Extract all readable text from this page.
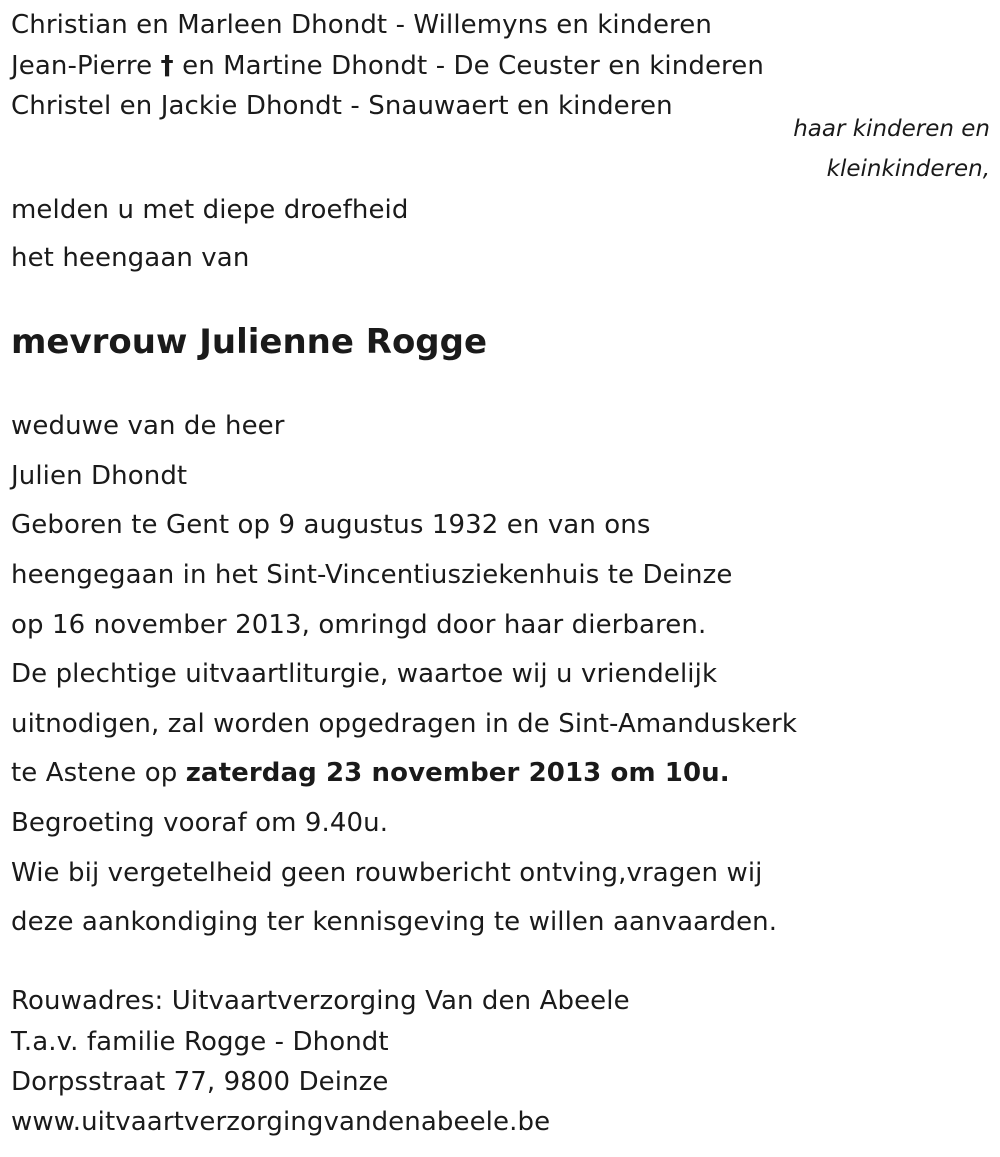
Christian en Marleen Dhondt - Willemyns en kinderen
Jean-Pierre † en Martine Dhondt - De Ceuster en kinderen
Christel en Jackie Dhondt - Snauwaert en kinderen
haar kinderen en
kleinkinderen,
melden u met diepe droefheid
het heengaan van
mevrouw Julienne Rogge
weduwe van de heer
Julien Dhondt
Geboren te Gent op 9 augustus 1932 en van ons
heengegaan in het Sint-Vincentiusziekenhuis te Deinze
op 16 november 2013, omringd door haar dierbaren.
De plechtige uitvaartliturgie, waartoe wij u vriendelijk
uitnodigen, zal worden opgedragen in de Sint-Amanduskerk
te Astene op zaterdag 23 november 2013 om 10u.
Begroeting vooraf om 9.40u.
Wie bij vergetelheid geen rouwbericht ontving,vragen wij
deze aankondiging ter kennisgeving te willen aanvaarden.
Rouwadres: Uitvaartverzorging Van den Abeele
T.a.v. familie Rogge - Dhondt
Dorpsstraat 77, 9800 Deinze
www.uitvaartverzorgingvandenabeele.be
